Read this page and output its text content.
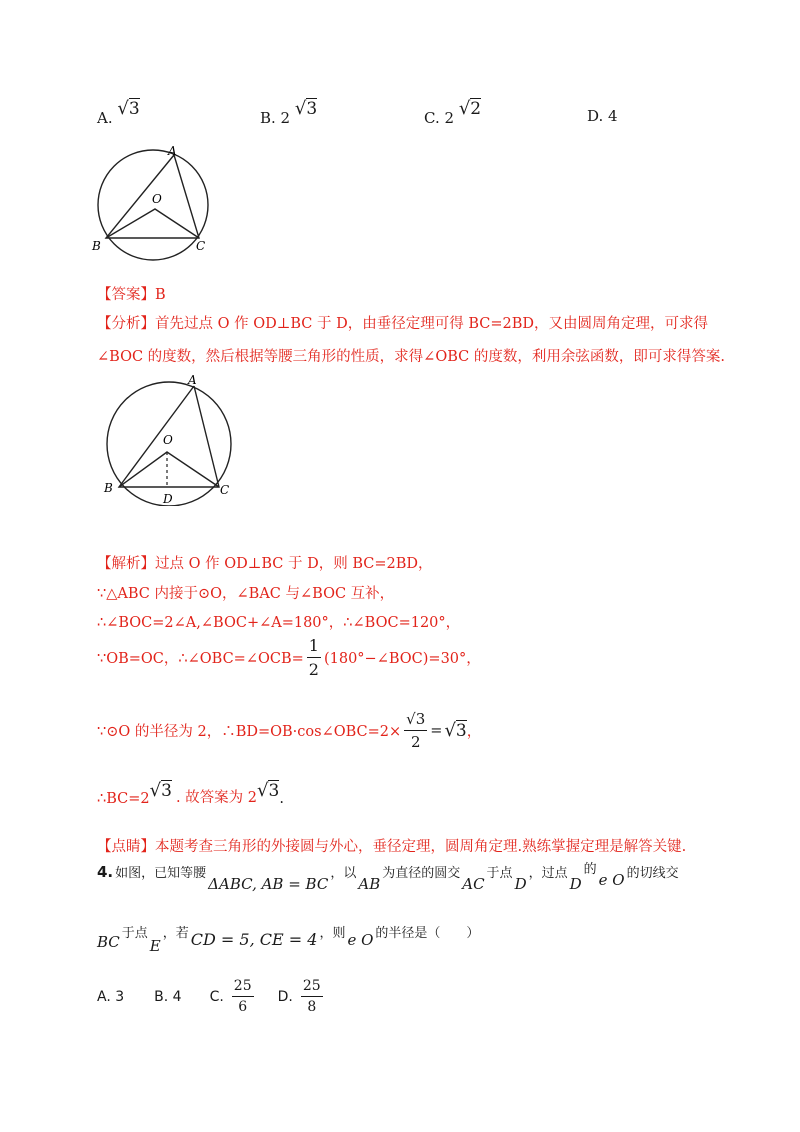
A. √3	B. 2 √3	C. 2 √2	D. 4
A
O
B	C
【答案】B
【分析】首先过点 O 作 OD⊥BC 于 D，由垂径定理可得 BC=2BD，又由圆周角定理，可求得
∠BOC 的度数，然后根据等腰三角形的性质，求得∠OBC 的度数，利用余弦函数，即可求得答案.
A
O
B	C
D
【解析】过点 O 作 OD⊥BC 于 D，则 BC=2BD，
∵△ABC 内接于⊙O，∠BAC 与∠BOC 互补，
∴∠BOC=2∠A,∠BOC+∠A=180°，∴∠BOC=120°，
∵OB=OC，∴∠OBC=∠OCB= $\frac{1}{2}$ (180°−∠BOC)=30°，
∵⊙O 的半径为 2，∴BD=OB·cos∠OBC=2× $\frac{√3}{2} = √3$ ，
∴BC=2 √3 . 故答案为 2 √3 .
【点睛】本题考查三角形的外接圆与外心，垂径定理，圆周角定理.熟练掌握定理是解答关键.
4. 如图，已知等腰
ΔABC, AB = BC
，以
AB
为直径的圆交
AC
于点
D
，过点
D
的
e O 的切线交
BC 于点
E
，若 CD = 5, CE = 4 ，则 e O 的半径是（　　）
A. 3 B. 4 C. $\frac{25}{6} D$. $\frac{25}{8}$
